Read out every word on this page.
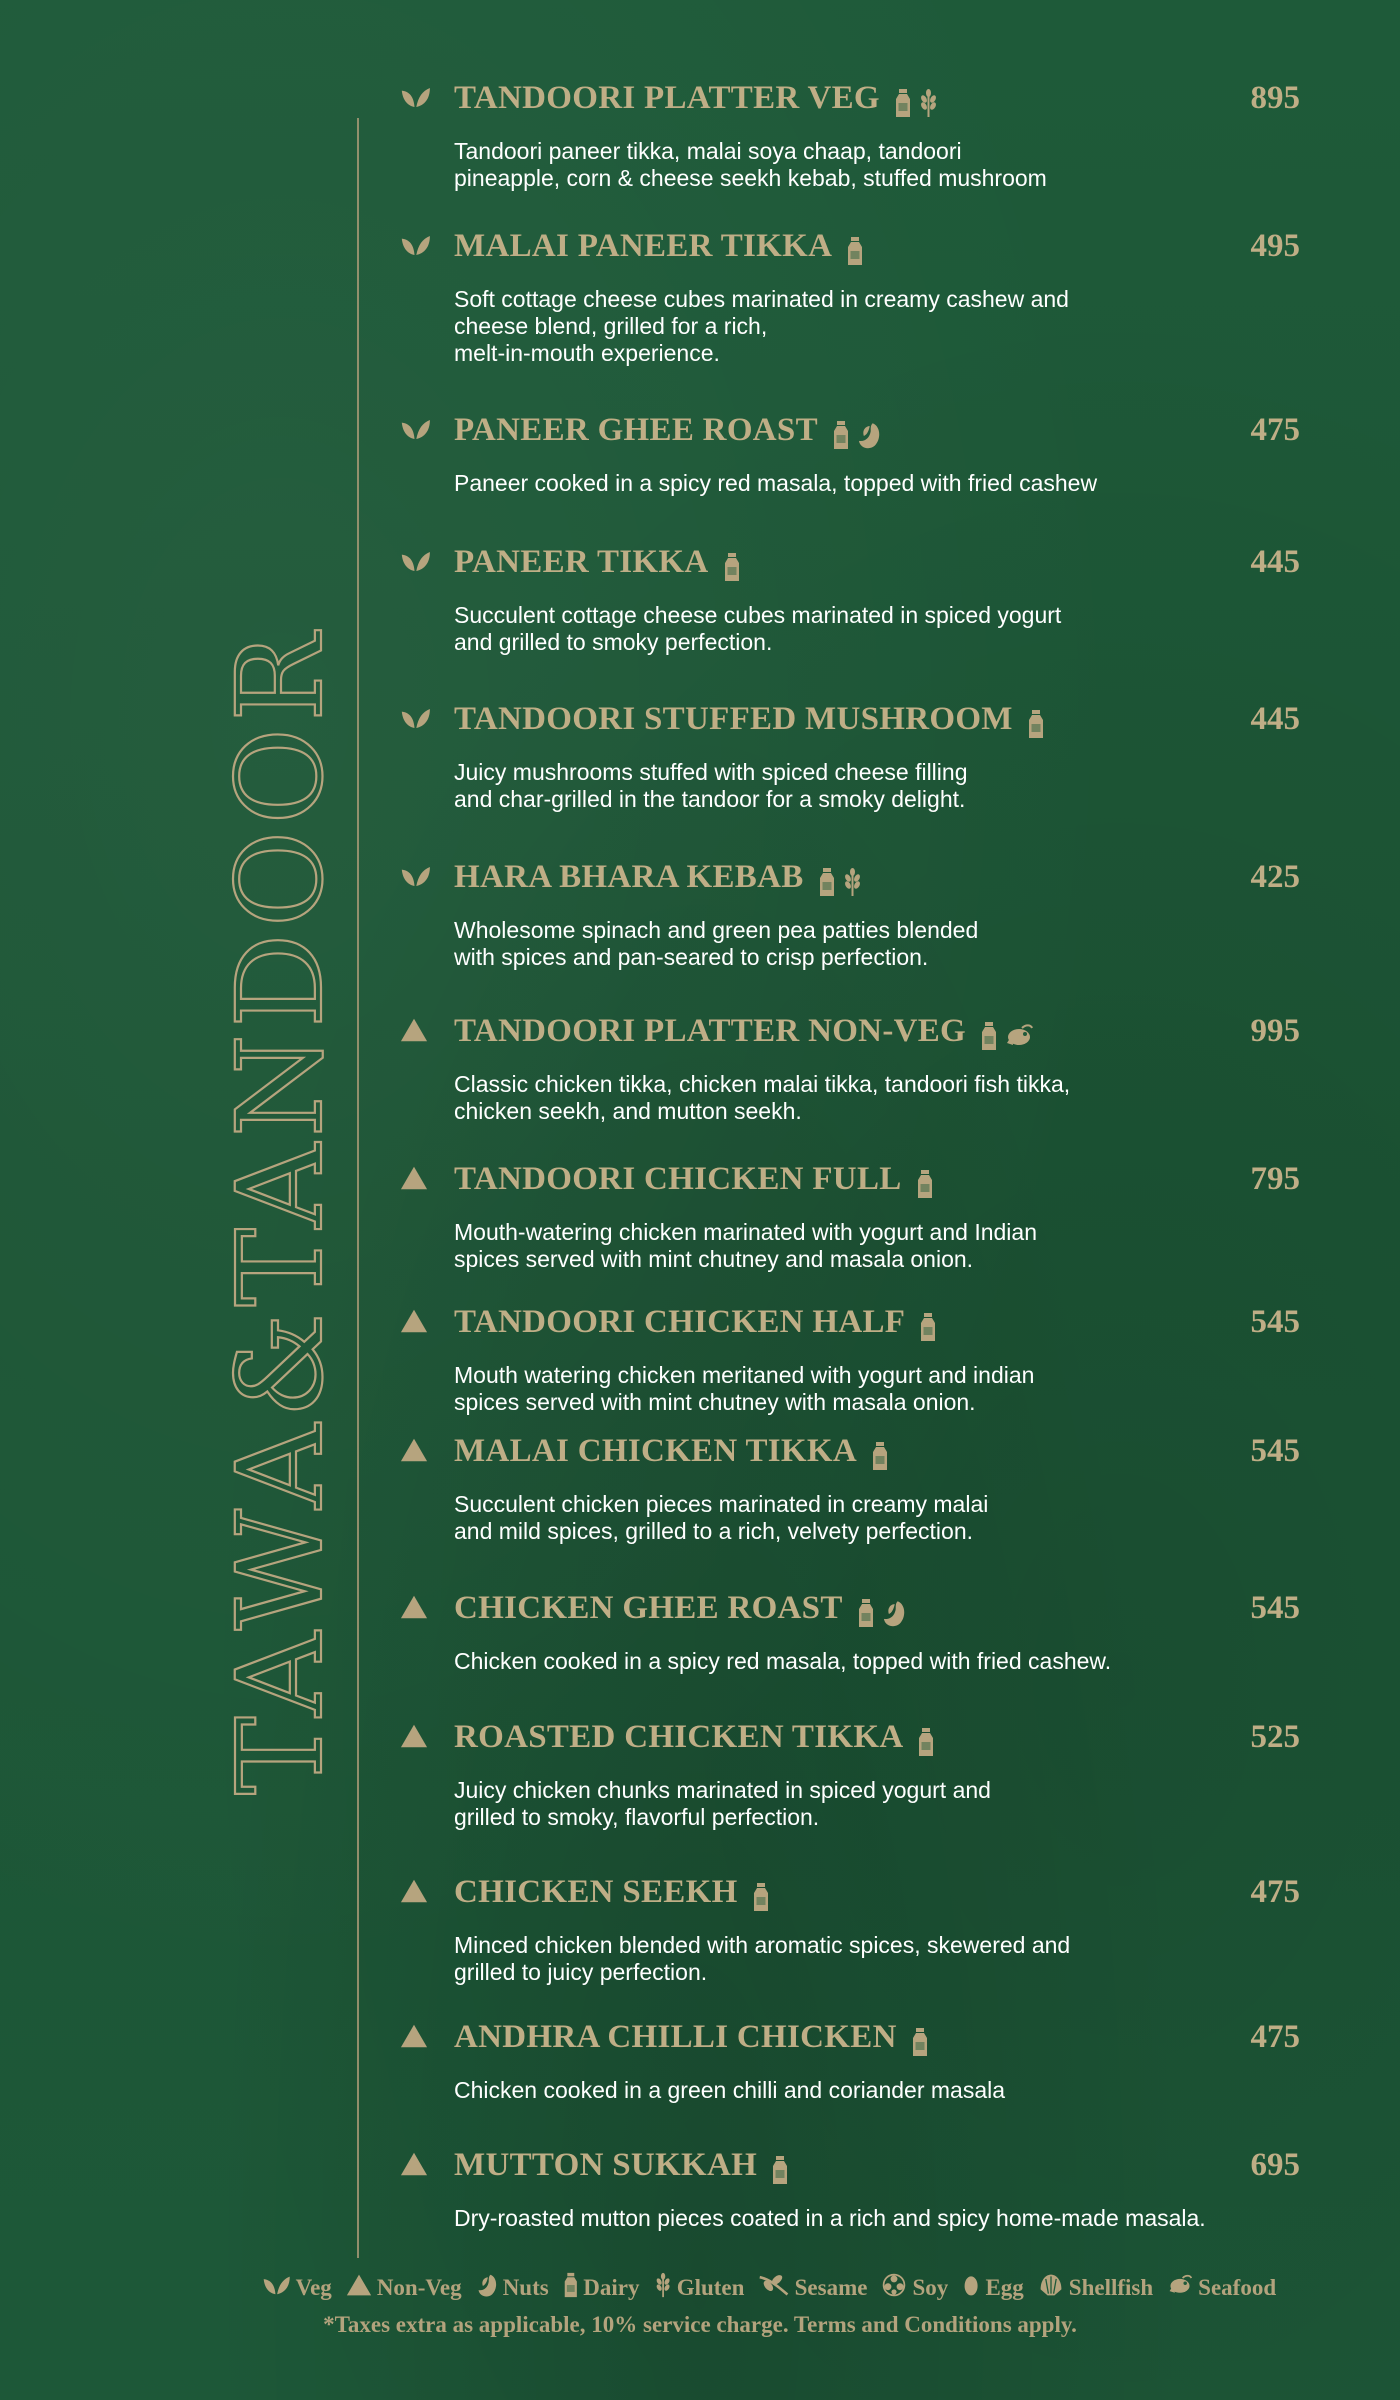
TAWA&TANDOOR
TANDOORI PLATTER VEG	895
Tandoori paneer tikka, malai soya chaap, tandoori
pineapple, corn & cheese seekh kebab, stuffed mushroom
MALAI PANEER TIKKA	495
Soft cottage cheese cubes marinated in creamy cashew and
cheese blend, grilled for a rich,
melt-in-mouth experience.
PANEER GHEE ROAST	475
Paneer cooked in a spicy red masala, topped with fried cashew
PANEER TIKKA	445
Succulent cottage cheese cubes marinated in spiced yogurt
and grilled to smoky perfection.
TANDOORI STUFFED MUSHROOM	445
Juicy mushrooms stuffed with spiced cheese filling
and char-grilled in the tandoor for a smoky delight.
HARA BHARA KEBAB	425
Wholesome spinach and green pea patties blended
with spices and pan-seared to crisp perfection.
TANDOORI PLATTER NON-VEG	995
Classic chicken tikka, chicken malai tikka, tandoori fish tikka,
chicken seekh, and mutton seekh.
TANDOORI CHICKEN FULL	795
Mouth-watering chicken marinated with yogurt and Indian
spices served with mint chutney and masala onion.
TANDOORI CHICKEN HALF	545
Mouth watering chicken meritaned with yogurt and indian
spices served with mint chutney with masala onion.
MALAI CHICKEN TIKKA	545
Succulent chicken pieces marinated in creamy malai
and mild spices, grilled to a rich, velvety perfection.
CHICKEN GHEE ROAST	545
Chicken cooked in a spicy red masala, topped with fried cashew.
ROASTED CHICKEN TIKKA	525
Juicy chicken chunks marinated in spiced yogurt and
grilled to smoky, flavorful perfection.
CHICKEN SEEKH	475
Minced chicken blended with aromatic spices, skewered and
grilled to juicy perfection.
ANDHRA CHILLI CHICKEN	475
Chicken cooked in a green chilli and coriander masala
MUTTON SUKKAH	695
Dry-roasted mutton pieces coated in a rich and spicy home-made masala.
Veg Non-Veg Nuts Dairy Gluten Sesame Soy Egg Shellfish Seafood
*Taxes extra as applicable, 10% service charge. Terms and Conditions apply.
